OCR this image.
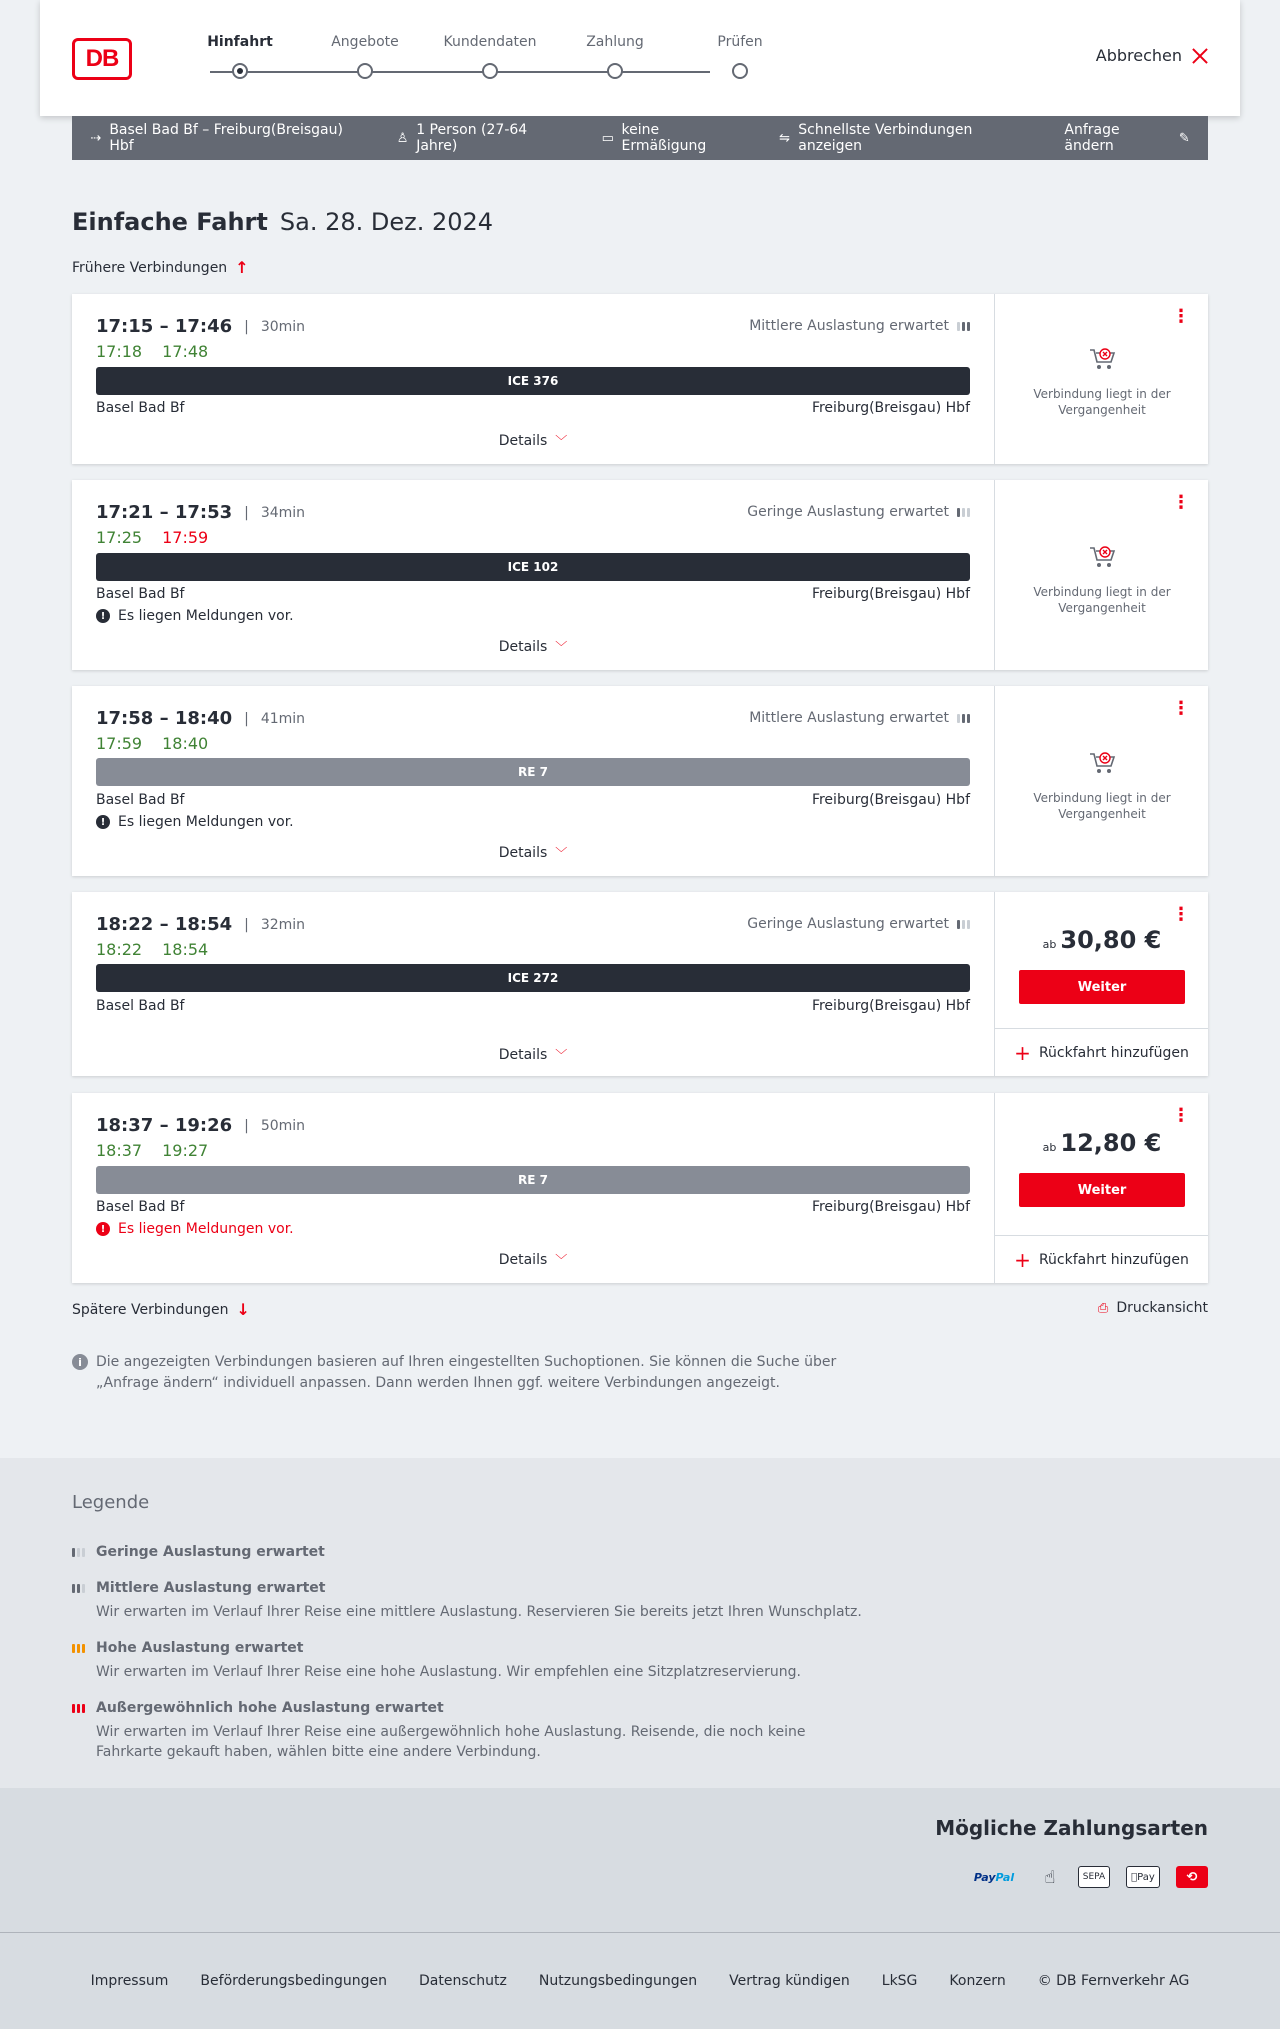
DB
Hinfahrt	Angebote	Kundendaten	Zahlung	Prüfen
Abbrechen
⇢ Basel Bad Bf – Freiburg(Breisgau) Hbf	♙ 1 Person (27-64 Jahre)	▭ keine Ermäßigung	⇋ Schnellste Verbindungen anzeigen
Anfrage ändern	✎
Einfache Fahrt Sa. 28. Dez. 2024
Frühere Verbindungen ↑
17:15 – 17:46 | 30min
17:18 17:48
Mittlere Auslastung erwartet
ICE 376
Basel Bad Bf	Freiburg(Breisgau) Hbf
Details ﹀
⋮
Verbindung liegt in der Vergangenheit
17:21 – 17:53 | 34min
17:25 17:59
Geringe Auslastung erwartet
ICE 102
Basel Bad Bf	Freiburg(Breisgau) Hbf
! Es liegen Meldungen vor.
Details ﹀
⋮
Verbindung liegt in der Vergangenheit
17:58 – 18:40 | 41min
17:59 18:40
Mittlere Auslastung erwartet
RE 7
Basel Bad Bf	Freiburg(Breisgau) Hbf
! Es liegen Meldungen vor.
Details ﹀
⋮
Verbindung liegt in der Vergangenheit
18:22 – 18:54 | 32min
18:22 18:54
Geringe Auslastung erwartet
ICE 272
Basel Bad Bf	Freiburg(Breisgau) Hbf
Details ﹀
⋮
ab 30,80 €
Weiter
+ Rückfahrt hinzufügen
18:37 – 19:26 | 50min
18:37 19:27
RE 7
Basel Bad Bf	Freiburg(Breisgau) Hbf
! Es liegen Meldungen vor.
Details ﹀
⋮
ab 12,80 €
Weiter
+ Rückfahrt hinzufügen
Spätere Verbindungen ↓	⎙ Druckansicht
i	Die angezeigten Verbindungen basieren auf Ihren eingestellten Suchoptionen. Sie können die Suche über „Anfrage ändern“ individuell anpassen. Dann werden Ihnen ggf. weitere Verbindungen angezeigt.
Legende
Geringe Auslastung erwartet
Mittlere Auslastung erwartet
Wir erwarten im Verlauf Ihrer Reise eine mittlere Auslastung. Reservieren Sie bereits jetzt Ihren Wunschplatz.
Hohe Auslastung erwartet
Wir erwarten im Verlauf Ihrer Reise eine hohe Auslastung. Wir empfehlen eine Sitzplatzreservierung.
Außergewöhnlich hohe Auslastung erwartet
Wir erwarten im Verlauf Ihrer Reise eine außergewöhnlich hohe Auslastung. Reisende, die noch keine Fahrkarte gekauft haben, wählen bitte eine andere Verbindung.
Mögliche Zahlungsarten
Pay Pal	☝	SEPA	Pay	⟲
Impressum Beförderungsbedingungen Datenschutz Nutzungsbedingungen Vertrag kündigen LkSG Konzern © DB Fernverkehr AG
